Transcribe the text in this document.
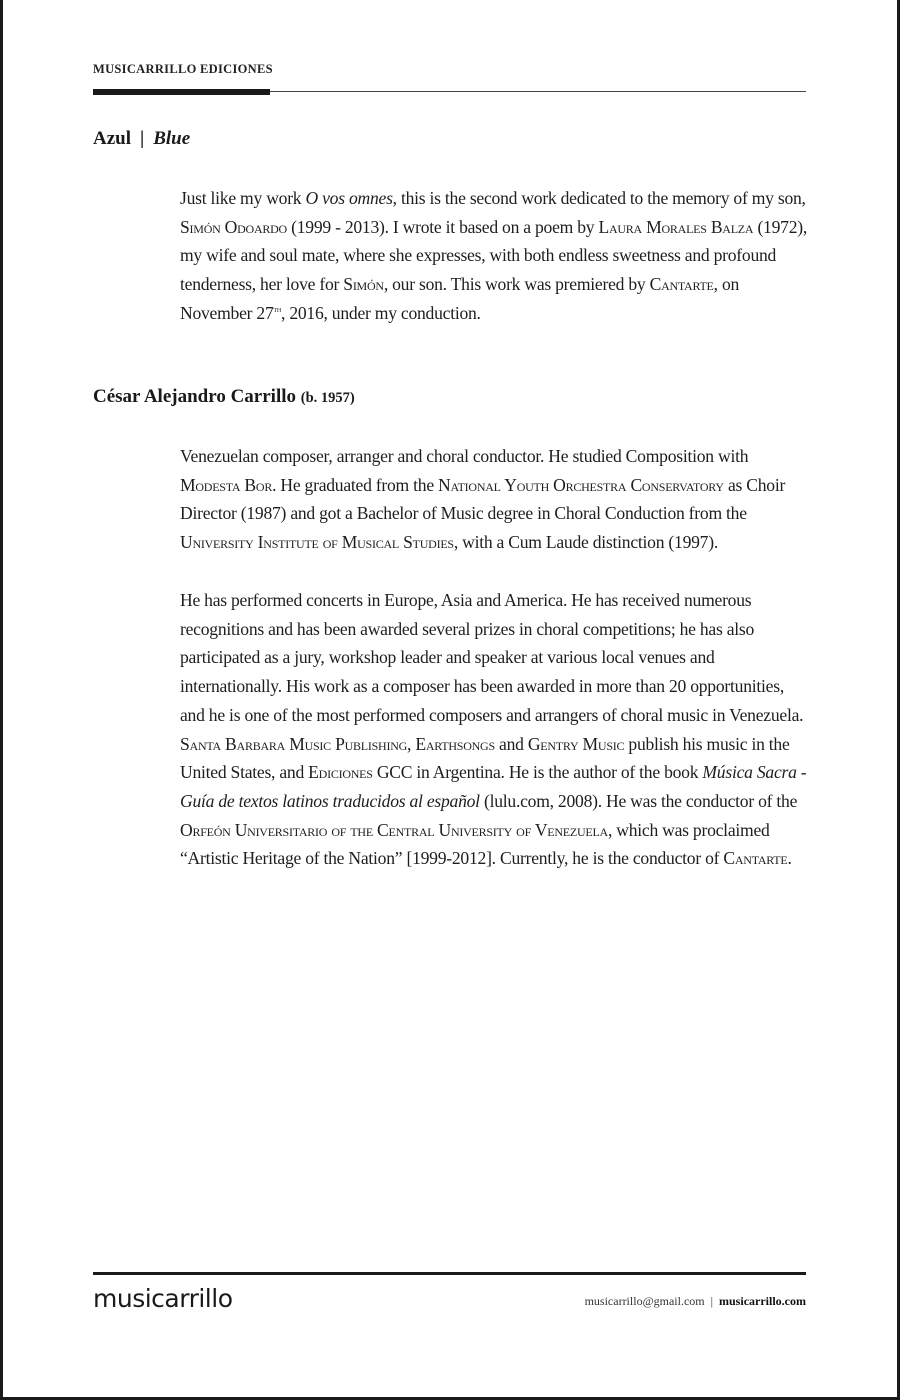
MUSICARRILLO EDICIONES
Azul | Blue

Just like my work O vos omnes, this is the second work dedicated to the memory of my son, Simón Odoardo (1999 - 2013). I wrote it based on a poem by Laura Morales Balza (1972), my wife and soul mate, where she expresses, with both endless sweetness and profound tenderness, her love for Simón, our son. This work was premiered by Cantarte, on November 27th, 2016, under my conduction.

César Alejandro Carrillo (b. 1957)

Venezuelan composer, arranger and choral conductor. He studied Composition with Modesta Bor. He graduated from the National Youth Orchestra Conservatory as Choir Director (1987) and got a Bachelor of Music degree in Choral Conduction from the University Institute of Musical Studies, with a Cum Laude distinction (1997).

He has performed concerts in Europe, Asia and America. He has received numerous recognitions and has been awarded several prizes in choral competitions; he has also participated as a jury, workshop leader and speaker at various local venues and internationally. His work as a composer has been awarded in more than 20 opportunities, and he is one of the most performed composers and arrangers of choral music in Venezuela. Santa Barbara Music Publishing, Earthsongs and Gentry Music publish his music in the United States, and Ediciones GCC in Argentina. He is the author of the book Música Sacra - Guía de textos latinos traducidos al español (lulu.com, 2008). He was the conductor of the Orfeón Universitario of the Central University of Venezuela, which was proclaimed “Artistic Heritage of the Nation” [1999-2012]. Currently, he is the conductor of Cantarte.

musicarrillo	musicarrillo@gmail.com | musicarrillo.com
